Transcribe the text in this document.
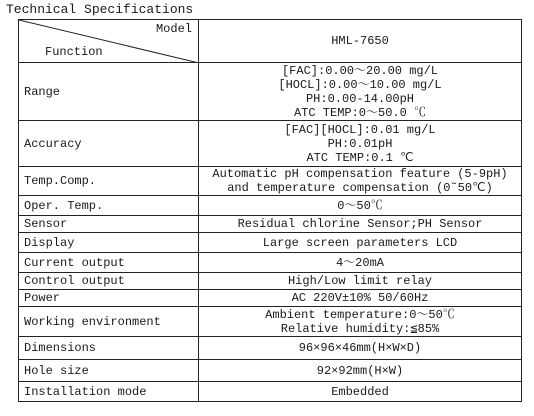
Technical Specifications
Model
Function	HML-7650
Range	[FAC]:0.00〜20.00 mg/L
[HOCL]:0.00〜10.00 mg/L
PH:0.00-14.00pH
ATC TEMP:0〜50.0 ℃

Accuracy	[FAC][HOCL]:0.01 mg/L
PH:0.01pH
ATC TEMP:0.1 ℃

Temp.Comp.	Automatic pH compensation feature (5-9pH)
and temperature compensation (0˜50℃)

Oper. Temp.	0〜50℃

Sensor	Residual chlorine Sensor;PH Sensor

Display	Large screen parameters LCD

Current output	4〜20mA

Control output	High/Low limit relay

Power	AC 220V±10% 50/60Hz

Working environment	Ambient temperature:0〜50℃
Relative humidity:≦85%

Dimensions	96×96×46mm(H×W×D)

Hole size	92×92mm(H×W)

Installation mode	Embedded
